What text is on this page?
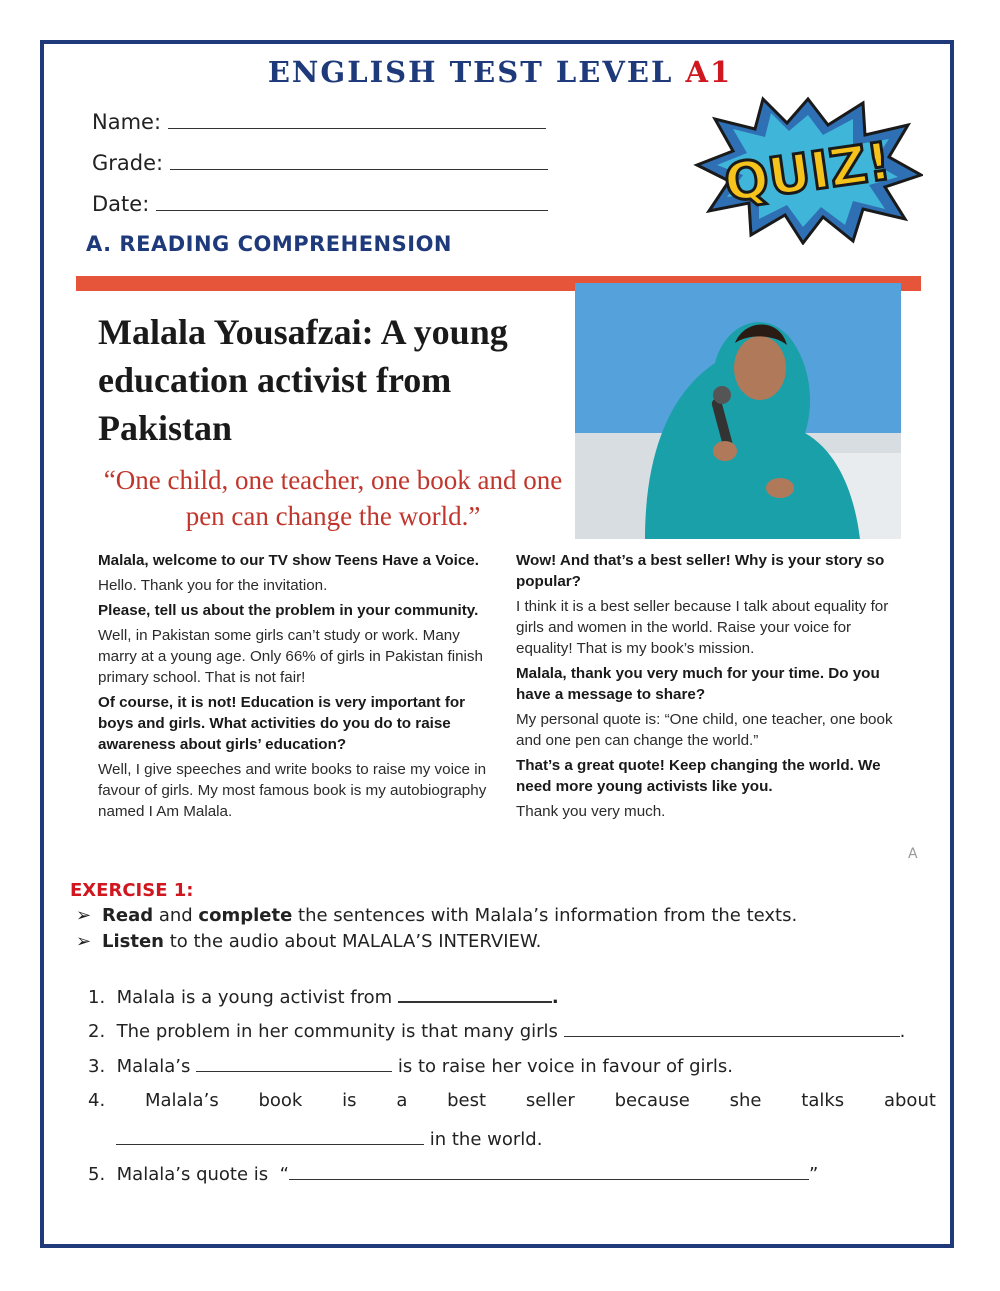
ENGLISH TEST LEVEL A1
Name:
Grade:
Date:
A. READING COMPREHENSION
QUIZ!
Malala Yousafzai: A young education activist from Pakistan
“One child, one teacher, one book and one pen can change the world.”

Malala, welcome to our TV show Teens Have a Voice.

Hello. Thank you for the invitation.

Please, tell us about the problem in your community.

Well, in Pakistan some girls can’t study or work. Many marry at a young age. Only 66% of girls in Pakistan finish primary school. That is not fair!

Of course, it is not! Education is very important for boys and girls. What activities do you do to raise awareness about girls’ education?

Well, I give speeches and write books to raise my voice in favour of girls. My most famous book is my autobiography named I Am Malala.

Wow! And that’s a best seller! Why is your story so popular?

I think it is a best seller because I talk about equality for girls and women in the world. Raise your voice for equality! That is my book’s mission.

Malala, thank you very much for your time. Do you have a message to share?

My personal quote is: “One child, one teacher, one book and one pen can change the world.”

That’s a great quote! Keep changing the world. We need more young activists like you.

Thank you very much.

A
EXERCISE 1:
➢ Read and complete the sentences with Malala’s information from the texts.
➢ Listen to the audio about MALALA’S INTERVIEW.
1. Malala is a young activist from	.
2. The problem in her community is that many girls	.
3. Malala’s	is to raise her voice in favour of girls.
4. Malala’s book is a best seller because she talks about
in the world.
5. Malala’s quote is “	”
